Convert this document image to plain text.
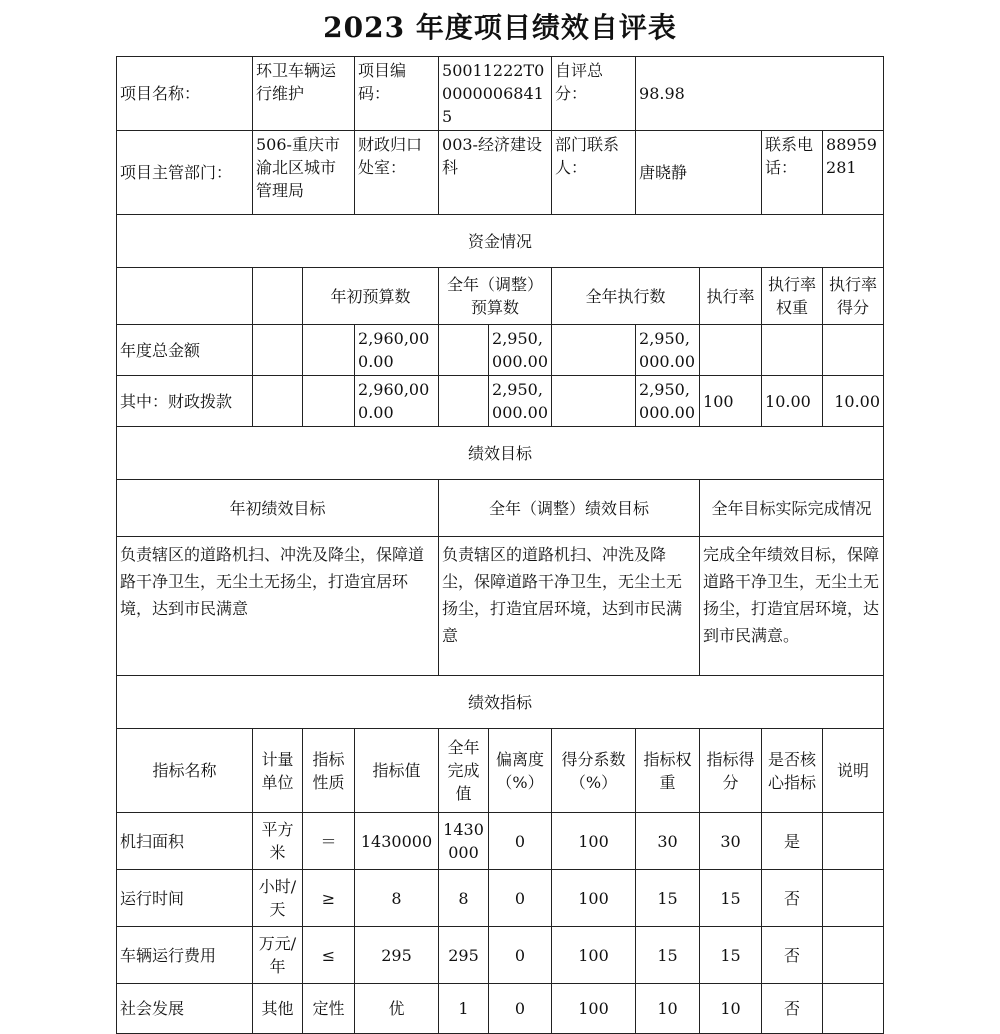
2023 年度项目绩效自评表
项目名称：	环卫车辆运行维护		项目编码：	50011222T000000068415		自评总分：	98.98			
项目主管部门：	506-重庆市渝北区城市管理局		财政归口处室：	003-经济建设科		部门联系人：	唐晓静		联系电话：	88959281
资金情况										
		年初预算数		全年（调整）预算数		全年执行数		执行率	执行率权重	执行率得分
年度总金额			2,960,000.00		2,950,000.00		2,950,000.00			
其中：财政拨款			2,960,000.00		2,950,000.00		2,950,000.00	100	10.00	10.00
绩效目标										
年初绩效目标				全年（调整）绩效目标				全年目标实际完成情况		
负责辖区的道路机扫、冲洗及降尘，保障道路干净卫生，无尘土无扬尘，打造宜居环境，达到市民满意				负责辖区的道路机扫、冲洗及降尘，保障道路干净卫生，无尘土无扬尘，打造宜居环境，达到市民满意				完成全年绩效目标，保障道路干净卫生，无尘土无扬尘，打造宜居环境，达到市民满意。		
绩效指标										
指标名称	计量单位	指标性质	指标值	全年完成值	偏离度（%）	得分系数（%）	指标权重	指标得分	是否核心指标	说明
机扫面积	平方米	＝	1430000	1430000	0	100	30	30	是	
运行时间	小时/天	≥	8	8	0	100	15	15	否	
车辆运行费用	万元/年	≤	295	295	0	100	15	15	否	
社会发展	其他	定性	优	1	0	100	10	10	否	
